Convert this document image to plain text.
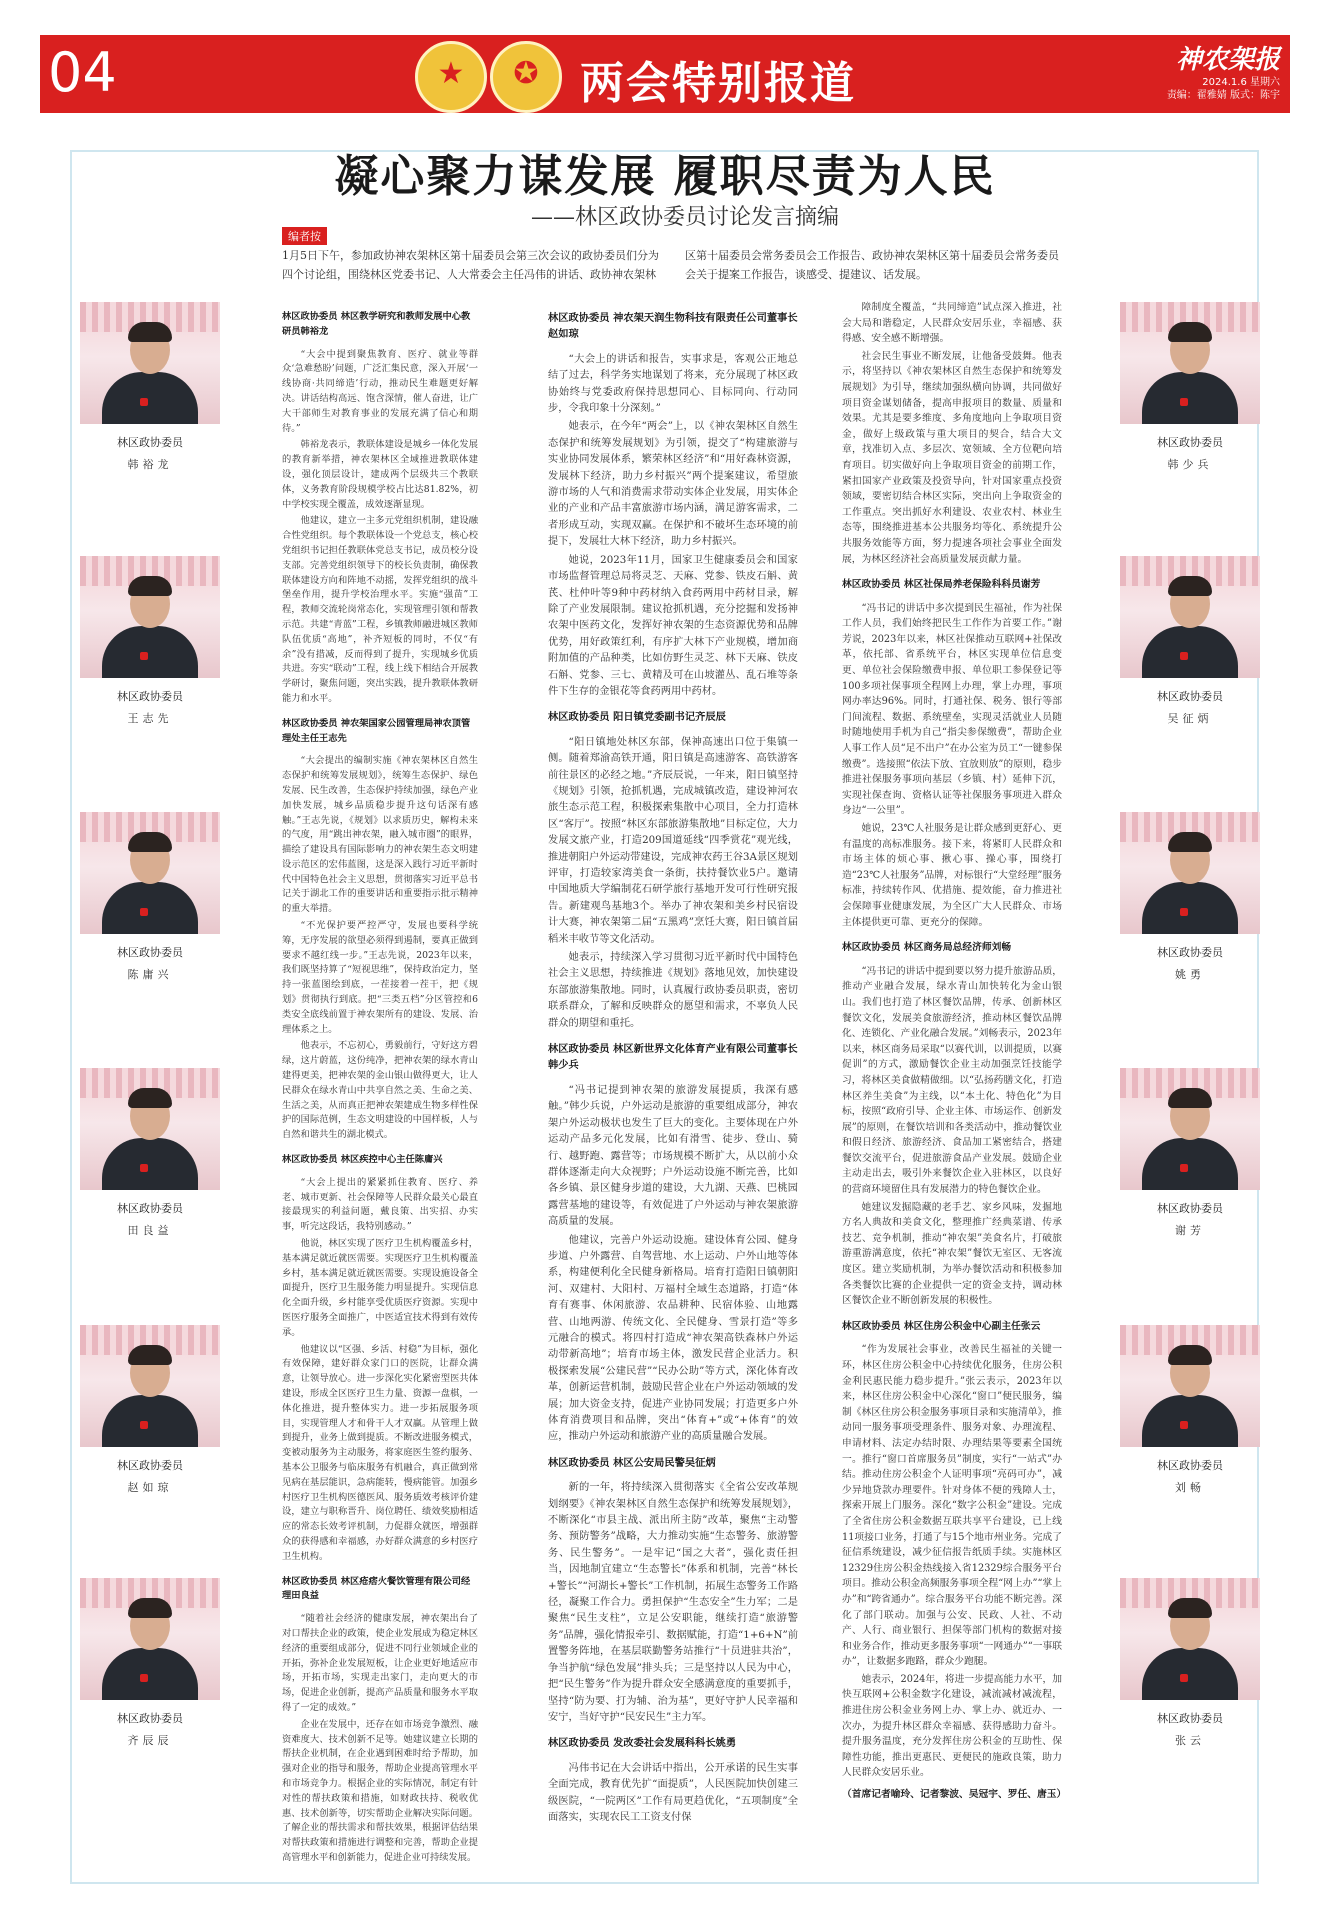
04	★	✪ 两会特别报道	神农架报
2024.1.6 星期六
责编：翟雅婧 版式：陈宇
凝心聚力谋发展 履职尽责为人民
——林区政协委员讨论发言摘编
编者按
1月5日下午，参加政协神农架林区第十届委员会第三次会议的政协委员们分为四个讨论组，围绕林区党委书记、人大常委会主任冯伟的讲话、政协神农架林区第十届委员会常务委员会工作报告、政协神农架林区第十届委员会常务委员会关于提案工作报告，谈感受、提建议、话发展。
林区政协委员
韩裕龙
林区政协委员
王志先
林区政协委员
陈庸兴
林区政协委员
田良益
林区政协委员
赵如琼
林区政协委员
齐辰辰
林区政协委员
韩少兵
林区政协委员
吴征炳
林区政协委员
姚勇
林区政协委员
谢芳
林区政协委员
刘畅
林区政协委员
张云
林区政协委员 林区教学研究和教师发展中心教研员韩裕龙

“大会中提到聚焦教育、医疗、就业等群众‘急难愁盼’问题，广泛汇集民意，深入开展‘一线协商·共同缔造’行动，推动民生难题更好解决。讲话结构高远、饱含深情，催人奋进，让广大干部师生对教育事业的发展充满了信心和期待。”

韩裕龙表示，教联体建设是城乡一体化发展的教育新举措，神农架林区全域推进教联体建设，强化顶层设计，建成两个层级共三个教联体，义务教育阶段规模学校占比达81.82%，初中学校实现全覆盖，成效逐渐显现。

他建议，建立一主多元党组织机制，建设融合性党组织。每个教联体设一个党总支，核心校党组织书记担任教联体党总支书记，成员校分设支部。完善党组织领导下的校长负责制，确保教联体建设方向和阵地不动摇，发挥党组织的战斗堡垒作用，提升学校治理水平。实施“强苗”工程，教师交流轮岗常态化，实现管理引领和帮教示范。共建“青蓝”工程，乡镇教师融进城区教师队伍优质“高地”，补齐短板的同时，不仅“有余”没有措减，反而得到了提升，实现城乡优质共进。夯实“联动”工程，线上线下相结合开展教学研讨，聚焦问题，突出实践，提升教联体教研能力和水平。

林区政协委员 神农架国家公园管理局神农顶管理处主任王志先

“大会提出的编制实施《神农架林区自然生态保护和统筹发展规划》，统筹生态保护、绿色发展、民生改善，生态保护持续加强，绿色产业加快发展，城乡品质稳步提升这句话深有感触。”王志先说，《规划》以求质历史，解构未来的气度，用“跳出神农架，融入城市圈”的眼界，描绘了建设具有国际影响力的神农架生态文明建设示范区的宏伟蓝图，这是深入践行习近平新时代中国特色社会主义思想，贯彻落实习近平总书记关于湖北工作的重要讲话和重要指示批示精神的重大举措。

“不光保护要严控严守，发展也要科学统筹，无序发展的欲望必须得到遏制，要真正做到要求不越红线一步。”王志先说，2023年以来，我们既坚持算了“短视思维”，保持政治定力，坚持一张蓝图绘到底，一茬接着一茬干，把《规划》贯彻执行到底。把“三类五档”分区管控和6类安全底线前置于神农架所有的建设、发展、治理体系之上。

他表示，不忘初心，勇毅前行，守好这方碧绿，这片蔚蓝，这份纯净，把神农架的绿水青山建得更美，把神农架的金山银山做得更大，让人民群众在绿水青山中共享自然之美、生命之美、生活之美，从而真正把神农架建成生物多样性保护的国际范例，生态文明建设的中国样板，人与自然和谐共生的湖北模式。

林区政协委员 林区疾控中心主任陈庸兴

“大会上提出的紧紧抓住教育、医疗、养老、城市更新、社会保障等人民群众最关心最直接最现实的利益问题，戴良策、出实招、办实事，听完这段话，我特别感动。”

他说，林区实现了医疗卫生机构覆盖乡村，基本满足就近就医需要。实现医疗卫生机构覆盖乡村，基本满足就近就医需要。实现设施设备全面提升，医疗卫生服务能力明显提升。实现信息化全面升级，乡村能享受优质医疗资源。实现中医医疗服务全面推广，中医适宜技术得到有效传承。

他建议以“区强、乡活、村稳”为目标，强化有效保障，建好群众家门口的医院，让群众满意，让领导放心。进一步深化实化紧密型医共体建设，形成全区医疗卫生力量、资源一盘棋，一体化推进，提升整体实力。进一步拓展服务项目，实现管理人才和骨干人才双赢。从管理上做到提升，业务上做到提质。不断改进服务模式，变被动服务为主动服务，将家庭医生签约服务、基本公卫服务与临床服务有机融合，真正做到常见病在基层能识，急病能转，慢病能管。加强乡村医疗卫生机构医德医风、服务质效考核评价建设，建立与职称晋升、岗位聘任、绩效奖励相适应的常态长效考评机制，力促群众就医，增强群众的获得感和幸福感，办好群众满意的乡村医疗卫生机构。

林区政协委员 林区疮痞火餐饮管理有限公司经理田良益

“随着社会经济的健康发展，神农架出台了对口帮扶企业的政策，使企业发展成为稳定林区经济的重要组成部分，促进不同行业领域企业的开拓，弥补企业发展短板，让企业更好地适应市场，开拓市场，实现走出家门，走向更大的市场，促进企业创新，提高产品质量和服务水平取得了一定的成效。”

企业在发展中，还存在如市场竞争激烈、融资难度大、技术创新不足等。她建议建立长期的帮扶企业机制，在企业遇到困难时给予帮助，加强对企业的指导和服务，帮助企业提高管理水平和市场竞争力。根据企业的实际情况，制定有针对性的帮扶政策和措施，如财政扶持、税收优惠、技术创新等，切实帮助企业解决实际问题。了解企业的帮扶需求和帮扶效果，根据评估结果对帮扶政策和措施进行调整和完善，帮助企业提高管理水平和创新能力，促进企业可持续发展。

林区政协委员 神农架天润生物科技有限责任公司董事长赵如琼

“大会上的讲话和报告，实事求是，客观公正地总结了过去，科学务实地谋划了将来，充分展现了林区政协始终与党委政府保持思想同心、目标同向、行动同步，令我印象十分深刻。”

她表示，在今年“两会”上，以《神农架林区自然生态保护和统筹发展规划》为引领，提交了“构建旅游与实业协同发展体系，繁荣林区经济”和“用好森林资源，发展林下经济，助力乡村振兴”两个提案建议，希望旅游市场的人气和消费需求带动实体企业发展，用实体企业的产业和产品丰富旅游市场内涵，满足游客需求，二者形成互动，实现双赢。在保护和不破坏生态环境的前提下，发展壮大林下经济，助力乡村振兴。

她说，2023年11月，国家卫生健康委员会和国家市场监督管理总局将灵芝、天麻、党参、铁皮石斛、黄芪、杜仲叶等9种中药材纳入食药两用中药材目录，解除了产业发展限制。建议抢抓机遇，充分挖掘和发扬神农架中医药文化，发挥好神农架的生态资源优势和品牌优势，用好政策红利，有序扩大林下产业规模，增加商附加值的产品种类，比如仿野生灵芝、林下天麻、铁皮石斛、党参、三七、黄精及可在山坡灌丛、乱石堆等条件下生存的金银花等食药两用中药材。

林区政协委员 阳日镇党委副书记齐辰辰

“阳日镇地处林区东部，保神高速出口位于集镇一侧。随着郑渝高铁开通，阳日镇是高速游客、高铁游客前往景区的必经之地。”齐辰辰说，一年来，阳日镇坚持《规划》引领，抢抓机遇，完成城镇改造，建设神河农旅生态示范工程，积极探索集散中心项目，全力打造林区“客厅”。按照“林区东部旅游集散地”目标定位，大力发展文旅产业，打造209国道延线“四季赏花”观光线，推进朝阳户外运动带建设，完成神农药王谷3A景区规划评审，打造较家湾美食一条街，扶持餐饮业5户。邀请中国地质大学编制花石研学旅行基地开发可行性研究报告。新建观鸟基地3个。举办了神农架和美乡村民宿设计大赛，神农架第二届“五黑鸡”烹饪大赛，阳日镇首届稻米丰收节等文化活动。

她表示，持续深入学习贯彻习近平新时代中国特色社会主义思想，持续推进《规划》落地见效，加快建设东部旅游集散地。同时，认真履行政协委员职责，密切联系群众，了解和反映群众的愿望和需求，不辜负人民群众的期望和重托。

林区政协委员 林区新世界文化体育产业有限公司董事长韩少兵

“冯书记提到神农架的旅游发展提质，我深有感触。”韩少兵说，户外运动是旅游的重要组成部分，神农架户外运动极状也发生了巨大的变化。主要体现在户外运动产品多元化发展，比如有滑雪、徒步、登山、骑行、越野跑、露营等；市场规模不断扩大，从以前小众群体逐渐走向大众视野；户外运动设施不断完善，比如各乡镇、景区健身步道的建设，大九湖、天燕、巴桃园露营基地的建设等，有效促进了户外运动与神农架旅游高质量的发展。

他建议，完善户外运动设施。建设体育公园、健身步道、户外露营、自驾营地、水上运动、户外山地等体系，构建便利化全民健身新格局。培育打造阳日镇朝阳河、双建村、大阳村、万福村全域生态道路，打造“体育有赛事、休闲旅游、农品耕种、民宿体验、山地露营、山地两游、传统文化、全民健身、雪景打造”等多元融合的模式。将四村打造成“神农架高铁森林户外运动带新高地”；培育市场主体，激发民营企业活力。积极探索发展“公建民营”“民办公助”等方式，深化体育改革，创新运营机制，鼓励民营企业在户外运动领域的发展；加大资金支持，促进产业协同发展；打造更多户外体育消费项目和品牌，突出“体育+”或“+体育”的效应，推动户外运动和旅游产业的高质量融合发展。

林区政协委员 林区公安局民警吴征炳

新的一年，将持续深入贯彻落实《全省公安改革规划纲要》《神农架林区自然生态保护和统筹发展规划》，不断深化“市县主战、派出所主防”改革，聚焦“主动警务、预防警务”战略，大力推动实施“生态警务、旅游警务、民生警务”。一是牢记“国之大者”，强化责任担当，因地制宜建立“生态警长”体系和机制，完善“林长+警长”“河湖长+警长”工作机制，拓展生态警务工作路径，凝聚工作合力。勇担保护“生态安全”生力军；二是聚焦“民生支柱”，立足公安职能，继续打造“旅游警务”品牌，强化情报牵引、数据赋能，打造“1+6+N”前置警务阵地，在基层联勤警务站推行“十员进驻共治”，争当护航“绿色发展”排头兵；三是坚持以人民为中心，把“民生警务”作为提升群众安全感满意度的重要抓手，坚持“防为要、打为辅、治为基”，更好守护人民幸福和安宁，当好守护“民安民生”主力军。

林区政协委员 发改委社会发展科科长姚勇

冯伟书记在大会讲话中指出，公开承诺的民生实事全面完成，教育优先扩“面提质”，人民医院加快创建三级医院，“一院两区”工作有局更趋优化，“五项制度”全面落实，实现农民工工资支付保

障制度全覆盖，“共同缔造”试点深入推进，社会大局和谐稳定，人民群众安居乐业，幸福感、获得感、安全感不断增强。

社会民生事业不断发展，让他备受鼓舞。他表示，将坚持以《神农架林区自然生态保护和统筹发展规划》为引导，继续加强纵横向协调，共同做好项目资金谋划储备，提高申报项目的数量、质量和效果。尤其是要多维度、多角度地向上争取项目资金，做好上级政策与重大项目的契合，结合大文章，找准切入点、多层次、宽领域、全方位靶向培育项目。切实做好向上争取项目资金的前期工作，紧扣国家产业政策及投资导向，针对国家重点投资领域，要密切结合林区实际，突出向上争取资金的工作重点。突出抓好水利建设、农业农村、林业生态等，围绕推进基本公共服务均等化、系统提升公共服务效能等方面，努力提速各项社会事业全面发展，为林区经济社会高质量发展贡献力量。

林区政协委员 林区社保局养老保险科科员谢芳

“冯书记的讲话中多次提到民生福祉，作为社保工作人员，我们始终把民生工作作为首要工作。”谢芳说，2023年以来，林区社保推动互联网+社保改革，依托部、省系统平台，林区实现单位信息变更、单位社会保险缴费申报、单位职工参保登记等100多项社保事项全程网上办理，掌上办理，事项网办率达96%。同时，打通社保、税务、银行等部门间流程、数据、系统壁垒，实现灵活就业人员随时随地使用手机为自己“指尖参保缴费”，帮助企业人事工作人员“足不出户”在办公室为员工“一键参保缴费”。选接照“依法下放、宜放则放”的原则，稳步推进社保服务事项向基层（乡镇、村）延伸下沉，实现社保查询、资格认证等社保服务事项进入群众身边“一公里”。

她说，23℃人社服务是让群众感到更舒心、更有温度的高标准服务。接下来，将紧盯人民群众和市场主体的烦心事、揪心事、操心事，围绕打造“23℃人社服务”品牌，对标银行“大堂经理”服务标准，持续转作风、优措施、提效能，奋力推进社会保障事业健康发展，为全区广大人民群众、市场主体提供更可靠、更充分的保障。

林区政协委员 林区商务局总经济师刘畅

“冯书记的讲话中提到要以努力提升旅游品质，推动产业融合发展，绿水青山加快转化为金山银山。我们也打造了林区餐饮品牌，传承、创新林区餐饮文化，发展美食旅游经济，推动林区餐饮品牌化、连锁化、产业化融合发展。”刘畅表示，2023年以来，林区商务局采取“以赛代训，以训提质，以赛促训”的方式，激励餐饮企业主动加强烹饪技能学习，将林区美食做精做细。以“弘扬药膳文化，打造林区养生美食”为主线，以“本土化、特色化”为目标，按照“政府引导、企业主体、市场运作、创新发展”的原则，在餐饮培训和各类活动中，推动餐饮业和假日经济、旅游经济、食品加工紧密结合，搭建餐饮交流平台，促进旅游食品产业发展。鼓励企业主动走出去，吸引外来餐饮企业入驻林区，以良好的营商环境留住具有发展潜力的特色餐饮企业。

她建议发掘隐藏的老手艺、家乡风味，发掘地方名人典故和美食文化，整理推广经典菜谱、传承技艺、竞争机制，推动“神农架”美食名片，打破旅游重游满意度，依托“神农架”餐饮无室区、无客流度区。建立奖励机制，为举办餐饮活动和积极参加各类餐饮比赛的企业提供一定的资金支持，调动林区餐饮企业不断创新发展的积极性。

林区政协委员 林区住房公积金中心副主任张云

“作为发展社会事业，改善民生福祉的关键一环，林区住房公积金中心持续优化服务，住房公积金利民惠民能力稳步提升。”张云表示，2023年以来，林区住房公积金中心深化“窗口”便民服务，编制《林区住房公积金服务事项目录和实施清单》，推动同一服务事项受理条件、服务对象、办理流程、申请材料、法定办结时限、办理结果等要素全国统一。推行“窗口首席服务员”制度，实行“一站式”办结。推动住房公积金个人证明事项“亮码可办”，减少异地贷款办理要件。针对身体不便的残障人士，探索开展上门服务。深化“数字公积金”建设。完成了全省住房公积金数据互联共享平台建设，已上线11项接口业务，打通了与15个地市州业务。完成了征信系统建设，减少征信报告纸质手续。实施林区12329住房公积金热线接入省12329综合服务平台项目。推动公积金高频服务事项全程“网上办”“掌上办”和“跨省通办”。综合服务平台功能不断完善。深化了部门联动。加强与公安、民政、人社、不动产、人行、商业银行、担保等部门机构的数据对接和业务合作，推动更多服务事项“一网通办”“一事联办”，让数据多跑路，群众少跑腿。

她表示，2024年，将进一步提高能力水平，加快互联网+公积金数字化建设，减流减材减流程，推进住房公积金业务网上办、掌上办、就近办、一次办，为提升林区群众幸福感、获得感助力奋斗。提升服务温度，充分发挥住房公积金的互助性、保障性功能，推出更惠民、更便民的施政良策，助力人民群众安居乐业。

（首席记者喻玲、记者黎波、吴冠宇、罗任、唐玉）
